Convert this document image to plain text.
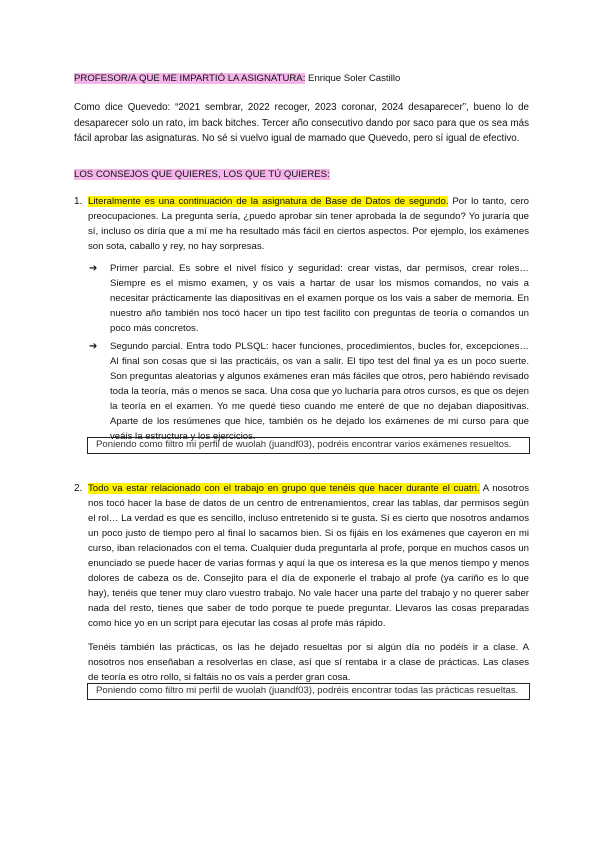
PROFESOR/A QUE ME IMPARTIÓ LA ASIGNATURA: Enrique Soler Castillo

Como dice Quevedo: “2021 sembrar, 2022 recoger, 2023 coronar, 2024 desaparecer”, bueno lo de desaparecer solo un rato, im back bitches. Tercer año consecutivo dando por saco para que os sea más fácil aprobar las asignaturas. No sé si vuelvo igual de mamado que Quevedo, pero sí igual de efectivo.

LOS CONSEJOS QUE QUIERES, LOS QUE TÚ QUIERES:
1. Literalmente es una continuación de la asignatura de Base de Datos de segundo. Por lo tanto, cero preocupaciones. La pregunta sería, ¿puedo aprobar sin tener aprobada la de segundo? Yo juraría que sí, incluso os diría que a mí me ha resultado más fácil en ciertos aspectos. Por ejemplo, los exámenes son sota, caballo y rey, no hay sorpresas.

➔ Primer parcial. Es sobre el nivel físico y seguridad: crear vistas, dar permisos, crear roles… Siempre es el mismo examen, y os vais a hartar de usar los mismos comandos, no vais a necesitar prácticamente las diapositivas en el examen porque os los vais a saber de memoria. En nuestro año también nos tocó hacer un tipo test facilito con preguntas de teoría o comandos un poco más concretos.

➔ Segundo parcial. Entra todo PLSQL: hacer funciones, procedimientos, bucles for, excepciones… Al final son cosas que si las practicáis, os van a salir. El tipo test del final ya es un poco suerte. Son preguntas aleatorias y algunos exámenes eran más fáciles que otros, pero habiéndo revisado toda la teoría, más o menos se saca. Una cosa que yo lucharía para otros cursos, es que os dejen la teoría en el examen. Yo me quedé tieso cuando me enteré de que no dejaban diapositivas. Aparte de los resúmenes que hice, también os he dejado los exámenes de mi curso para que veáis la estructura y los ejercicios.

Poniendo como filtro mi perfil de wuolah (juandf03), podréis encontrar varios exámenes resueltos.
2. Todo va estar relacionado con el trabajo en grupo que tenéis que hacer durante el cuatri. A nosotros nos tocó hacer la base de datos de un centro de entrenamientos, crear las tablas, dar permisos según el rol… La verdad es que es sencillo, incluso entretenido si te gusta. Sí es cierto que nosotros andamos un poco justo de tiempo pero al final lo sacamos bien. Si os fijáis en los exámenes que cayeron en mi curso, iban relacionados con el tema. Cualquier duda preguntarla al profe, porque en muchos casos un enunciado se puede hacer de varias formas y aquí la que os interesa es la que menos tiempo y menos dolores de cabeza os de. Consejito para el día de exponerle el trabajo al profe (ya cariño es lo que hay), tenéis que tener muy claro vuestro trabajo. No vale hacer una parte del trabajo y no querer saber nada del resto, tienes que saber de todo porque te puede preguntar. Llevaros las cosas preparadas como hice yo en un script para ejecutar las cosas al profe más rápido.

Tenéis también las prácticas, os las he dejado resueltas por si algún día no podéis ir a clase. A nosotros nos enseñaban a resolverlas en clase, así que sí rentaba ir a clase de prácticas. Las clases de teoría es otro rollo, si faltáis no os vais a perder gran cosa.

Poniendo como filtro mi perfil de wuolah (juandf03), podréis encontrar todas las prácticas resueltas.
